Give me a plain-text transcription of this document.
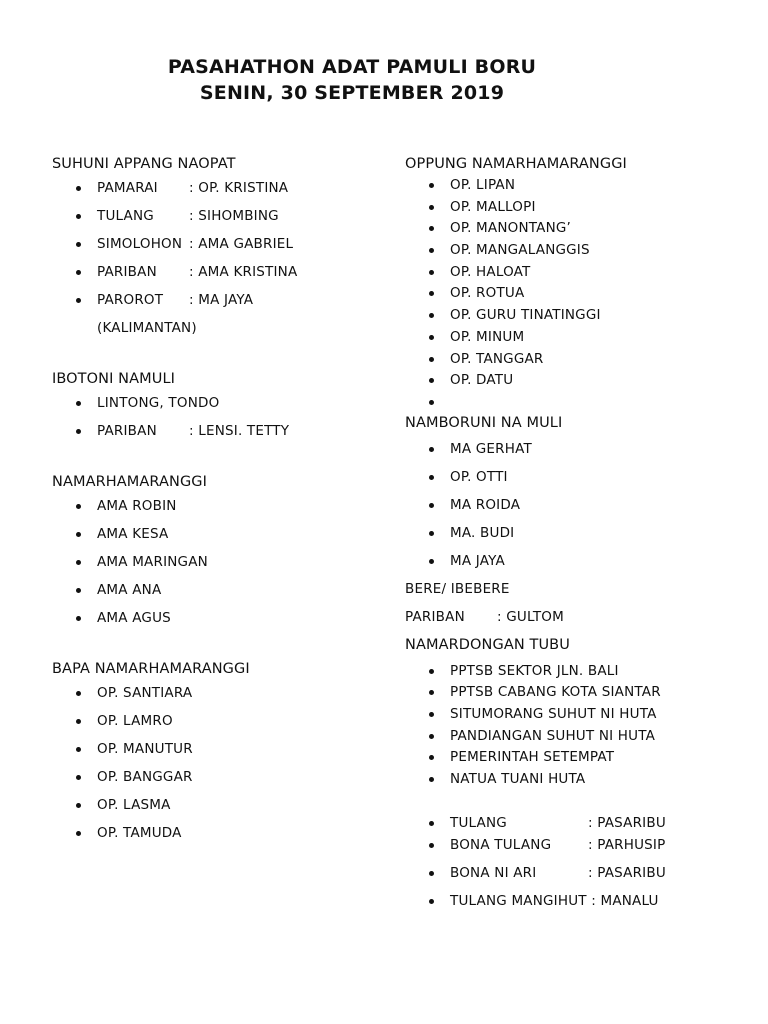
PASAHATHON ADAT PAMULI BORU
SENIN, 30 SEPTEMBER 2019
SUHUNI APPANG NAOPAT
PAMARAI : OP. KRISTINA
TULANG	: SIHOMBING
SIMOLOHON : AMA GABRIEL
PARIBAN : AMA KRISTINA
PAROROT : MA JAYA
(KALIMANTAN)
IBOTONI NAMULI
LINTONG, TONDO
PARIBAN : LENSI. TETTY
NAMARHAMARANGGI
AMA ROBIN
AMA KESA
AMA MARINGAN
AMA ANA
AMA AGUS
BAPA NAMARHAMARANGGI
OP. SANTIARA
OP. LAMRO
OP. MANUTUR
OP. BANGGAR
OP. LASMA
OP. TAMUDA
OPPUNG NAMARHAMARANGGI
OP. LIPAN
OP. MALLOPI
OP. MANONTANG’
OP. MANGALANGGIS
OP. HALOAT
OP. ROTUA
OP. GURU TINATINGGI
OP. MINUM
OP. TANGGAR
OP. DATU
NAMBORUNI NA MULI
MA GERHAT
OP. OTTI
MA ROIDA
MA. BUDI
MA JAYA
BERE/ IBEBERE
PARIBAN : GULTOM
NAMARDONGAN TUBU
PPTSB SEKTOR JLN. BALI
PPTSB CABANG KOTA SIANTAR
SITUMORANG SUHUT NI HUTA
PANDIANGAN SUHUT NI HUTA
PEMERINTAH SETEMPAT
NATUA TUANI HUTA
TULANG	: PASARIBU
BONA TULANG	: PARHUSIP
BONA NI ARI	: PASARIBU
TULANG MANGIHUT : MANALU
